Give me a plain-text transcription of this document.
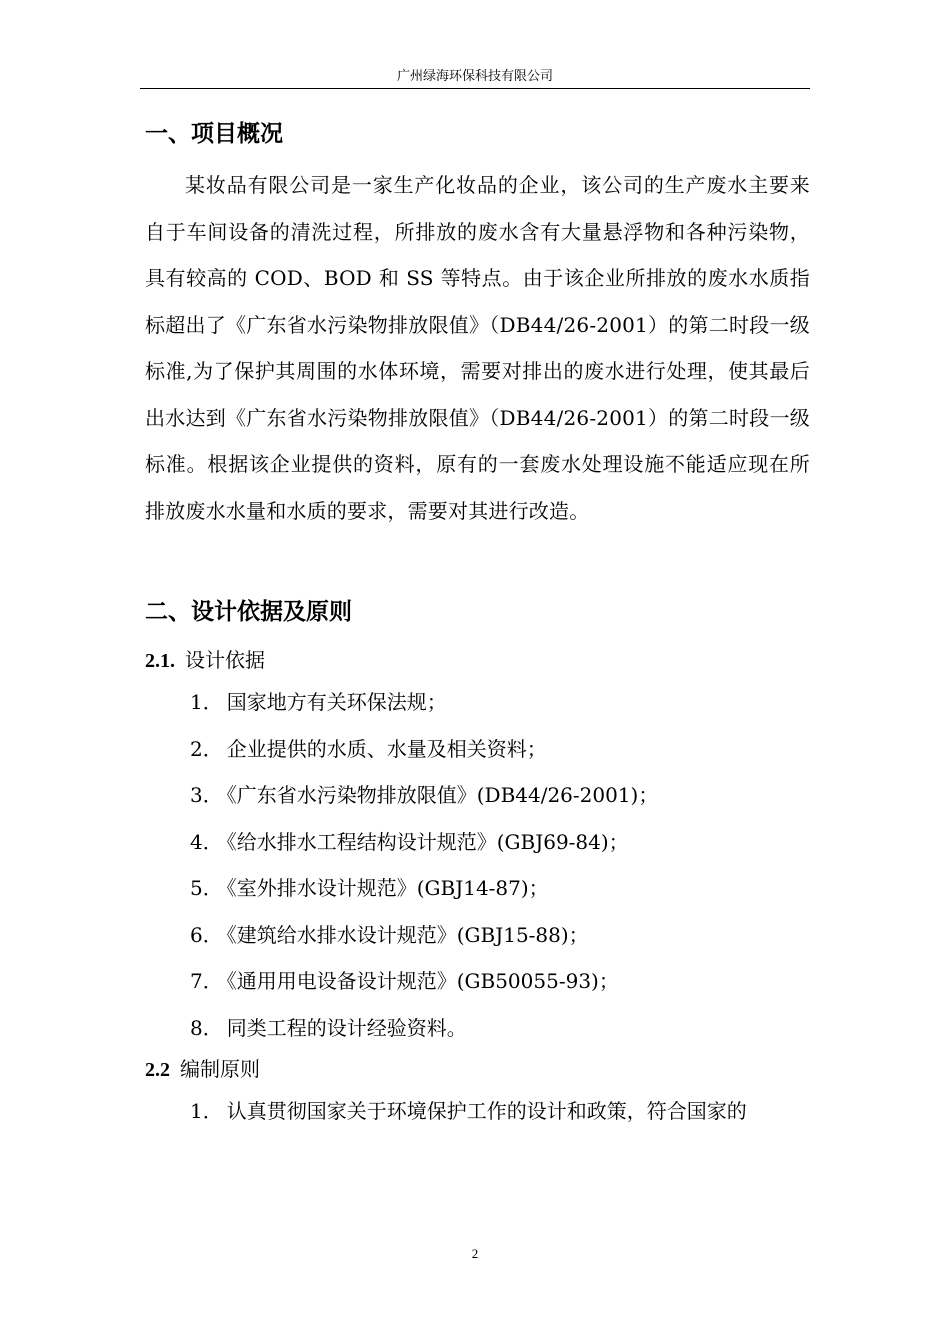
广州绿海环保科技有限公司
一、项目概况

某妆品有限公司是一家生产化妆品的企业，该公司的生产废水主要来自于车间设备的清洗过程，所排放的废水含有大量悬浮物和各种污染物，具有较高的 COD、BOD 和 SS 等特点。由于该企业所排放的废水水质指标超出了《广东省水污染物排放限值》（DB44/26-2001）的第二时段一级标准,为了保护其周围的水体环境，需要对排出的废水进行处理，使其最后出水达到《广东省水污染物排放限值》（DB44/26-2001）的第二时段一级标准。根据该企业提供的资料，原有的一套废水处理设施不能适应现在所排放废水水量和水质的要求，需要对其进行改造。

二、设计依据及原则
2.1. 设计依据
1． 国家地方有关环保法规；
2． 企业提供的水质、水量及相关资料；
3． 《广东省水污染物排放限值》(DB44/26-2001)；
4． 《给水排水工程结构设计规范》(GBJ69-84)；
5． 《室外排水设计规范》(GBJ14-87)；
6． 《建筑给水排水设计规范》(GBJ15-88)；
7． 《通用用电设备设计规范》(GB50055-93)；
8． 同类工程的设计经验资料。
2.2 编制原则
1． 认真贯彻国家关于环境保护工作的设计和政策，符合国家的
2
